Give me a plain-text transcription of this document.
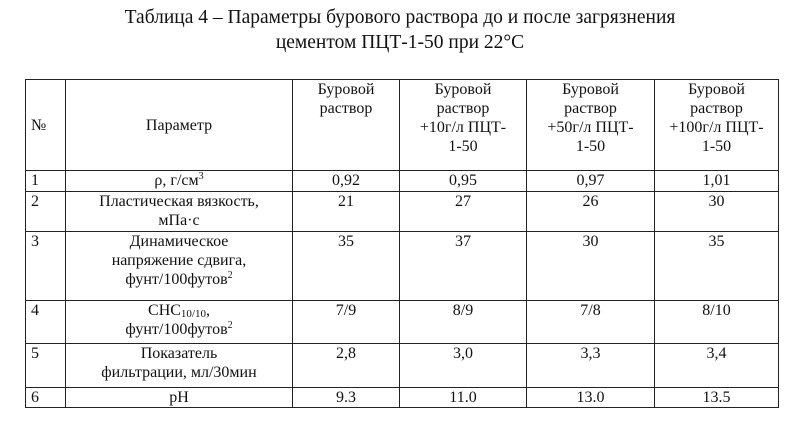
Таблица 4 – Параметры бурового раствора до и после загрязнения
цементом ПЦТ-1-50 при 22°С
№	Параметр	Буровой
раствор	Буровой
раствор
+10г/л ПЦТ-
1-50	Буровой
раствор
+50г/л ПЦТ-
1-50	Буровой
раствор
+100г/л ПЦТ-
1-50

1	ρ, $г/см^3$	0,92	0,95	0,97	1,01
2	Пластическая вязкость,
мПа·с	21	27	26	30
3	Динамическое
напряжение сдвига,
фунт/100футов$^2$	35	37	30	35
4	$СНС_{10/10}$,
фунт/100футов$^2$	7/9	8/9	7/8	8/10
5	Показатель
фильтрации, мл/30мин	2,8	3,0	3,3	3,4
6	pH	9.3	11.0	13.0	13.5
